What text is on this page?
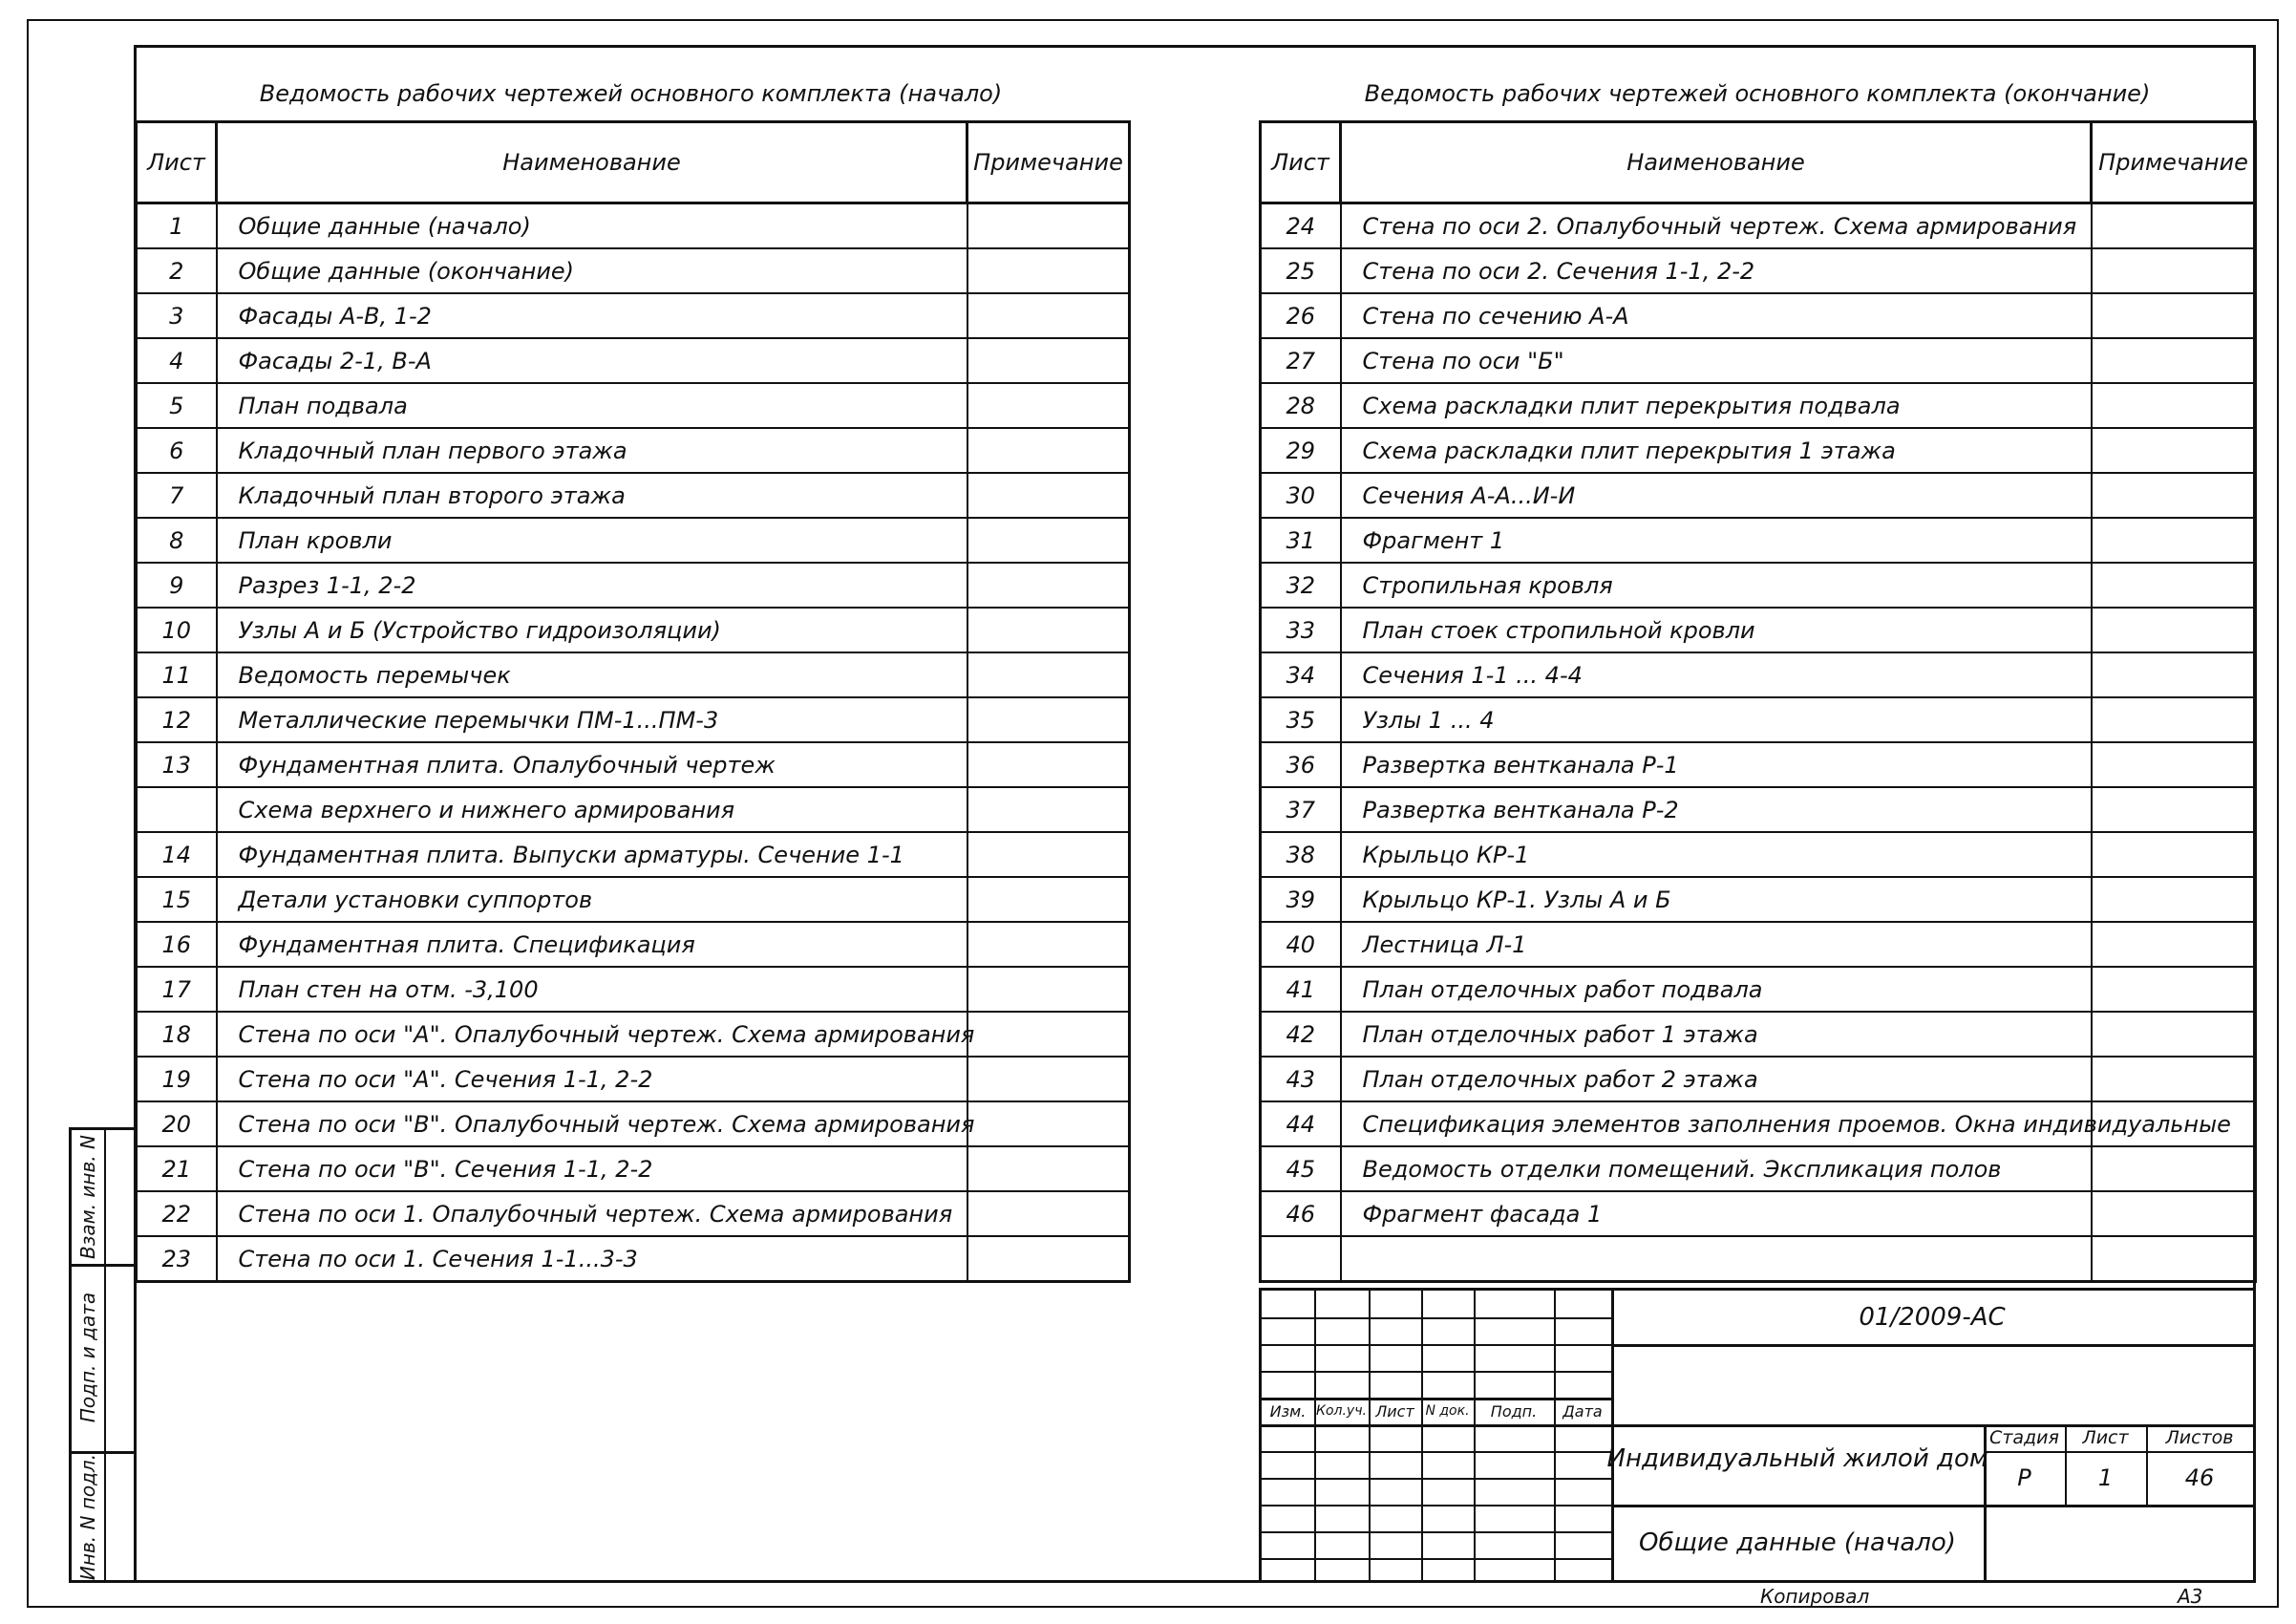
Ведомость рабочих чертежей основного комплекта (начало)
Лист	Наименование	Примечание
1	Общие данные (начало)	
2	Общие данные (окончание)	
3	Фасады А-В, 1-2	
4	Фасады 2-1, В-А	
5	План подвала	
6	Кладочный план первого этажа	
7	Кладочный план второго этажа	
8	План кровли	
9	Разрез 1-1, 2-2	
10	Узлы А и Б (Устройство гидроизоляции)	
11	Ведомость перемычек	
12	Металлические перемычки ПМ-1...ПМ-3	
13	Фундаментная плита. Опалубочный чертеж	
	Схема верхнего и нижнего армирования	
14	Фундаментная плита. Выпуски арматуры. Сечение 1-1	
15	Детали установки суппортов	
16	Фундаментная плита. Спецификация	
17	План стен на отм. -3,100	
18	Стена по оси "А". Опалубочный чертеж. Схема армирования	
19	Стена по оси "А". Сечения 1-1, 2-2	
20	Стена по оси "В". Опалубочный чертеж. Схема армирования	
21	Стена по оси "В". Сечения 1-1, 2-2	
22	Стена по оси 1. Опалубочный чертеж. Схема армирования	
23	Стена по оси 1. Сечения 1-1...3-3	
Ведомость рабочих чертежей основного комплекта (окончание)
Лист	Наименование	Примечание
24	Стена по оси 2. Опалубочный чертеж. Схема армирования	
25	Стена по оси 2. Сечения 1-1, 2-2	
26	Стена по сечению А-А	
27	Стена по оси "Б"	
28	Схема раскладки плит перекрытия подвала	
29	Схема раскладки плит перекрытия 1 этажа	
30	Сечения А-А...И-И	
31	Фрагмент 1	
32	Стропильная кровля	
33	План стоек стропильной кровли	
34	Сечения 1-1 ... 4-4	
35	Узлы 1 ... 4	
36	Развертка вентканала Р-1	
37	Развертка вентканала Р-2	
38	Крыльцо КР-1	
39	Крыльцо КР-1. Узлы А и Б	
40	Лестница Л-1	
41	План отделочных работ подвала	
42	План отделочных работ 1 этажа	
43	План отделочных работ 2 этажа	
44	Спецификация элементов заполнения проемов. Окна индивидуальные	
45	Ведомость отделки помещений. Экспликация полов	
46	Фрагмент фасада 1	

Взам. инв. N
Подп. и дата
Инв. N подл.
Изм. Кол.уч. Лист N док.	Подп.	Дата
01/2009-АС
Индивидуальный жилой дом
Общие данные (начало)
Стадия	Лист	Листов
Р	1	46
Копировал	А3
